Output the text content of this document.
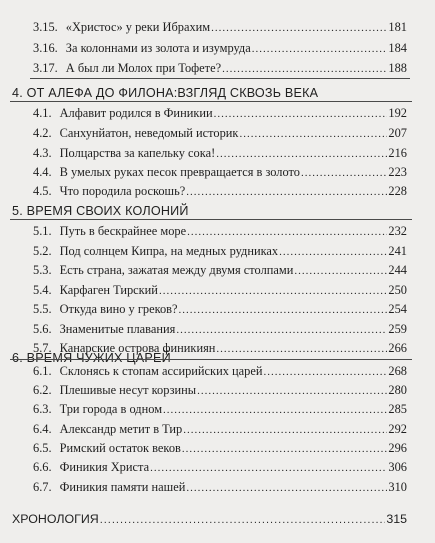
3.15. «Христос» у реки Ибрахим .....	181
3.16. За колоннами из золота и изумруда .....	184
3.17. А был ли Молох при Тофете? .....	188
4. ОТ АЛЕФА ДО ФИЛОНА:ВЗГЛЯД СКВОЗЬ ВЕКА
4.1. Алфавит родился в Финикии .....	192
4.2. Санхунйатон, неведомый историк .....	207
4.3. Полцарства за капельку сока! .....	216
4.4. В умелых руках песок превращается в золото .....	223
4.5. Что породила роскошь? .....	228
5. ВРЕМЯ СВОИХ КОЛОНИЙ
5.1. Путь в бескрайнее море .....	232
5.2. Под солнцем Кипра, на медных рудниках .....	241
5.3. Есть страна, зажатая между двумя столпами .....	244
5.4. Карфаген Тирский .....	250
5.5. Откуда вино у греков? .....	254
5.6. Знаменитые плавания .....	259
5.7. Канарские острова финикиян .....	266
6. ВРЕМЯ ЧУЖИХ ЦАРЕЙ
6.1. Склонясь к стопам ассирийских царей .....	268
6.2. Плешивые несут корзины .....	280
6.3. Три города в одном .....	285
6.4. Александр метит в Тир .....	292
6.5. Римский остаток веков .....	296
6.6. Финикия Христа .....	306
6.7. Финикия памяти нашей .....	310
ХРОНОЛОГИЯ .....	315
